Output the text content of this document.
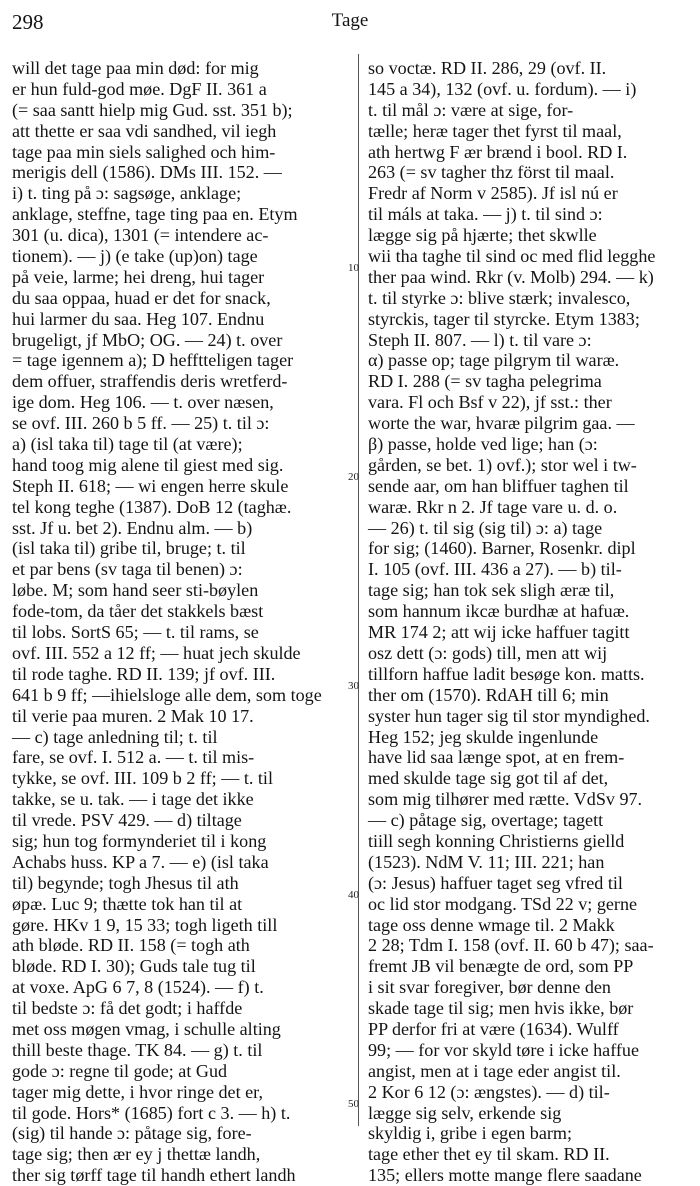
298	Tage
10
20
30
40
50
will det tage paa min død: for mig
er hun fuld-god møe. DgF II. 361 a
(= saa santt hielp mig Gud. sst. 351 b);
att thette er saa vdi sandhed, vil iegh
tage paa min siels salighed och him-
merigis dell (1586). DMs III. 152. —
i) t. ting på ɔ: sagsøge, anklage;
anklage, steffne, tage ting paa en. Etym
301 (u. dica), 1301 (= intendere ac-
tionem). — j) (e take (up)on) tage
på veie, larme; hei dreng, hui tager
du saa oppaa, huad er det for snack,
hui larmer du saa. Heg 107. Endnu
brugeligt, jf MbO; OG. — 24) t. over
= tage igennem a); D hefftteligen tager
dem offuer, straffendis deris wretferd-
ige dom. Heg 106. — t. over næsen,
se ovf. III. 260 b 5 ff. — 25) t. til ɔ:
a) (isl taka til) tage til (at være);
hand toog mig alene til giest med sig.
Steph II. 618; — wi engen herre skule
tel kong teghe (1387). DoB 12 (taghæ.
sst. Jf u. bet 2). Endnu alm. — b)
(isl taka til) gribe til, bruge; t. til
et par bens (sv taga til benen) ɔ:
løbe. M; som hand seer sti-bøylen
fode-tom, da tåer det stakkels bæst
til lobs. SortS 65; — t. til rams, se
ovf. III. 552 a 12 ff; — huat jech skulde
til rode taghe. RD II. 139; jf ovf. III.
641 b 9 ff; —ihielsloge alle dem, som toge
til verie paa muren. 2 Mak 10 17.
— c) tage anledning til; t. til
fare, se ovf. I. 512 a. — t. til mis-
tykke, se ovf. III. 109 b 2 ff; — t. til
takke, se u. tak. — i tage det ikke
til vrede. PSV 429. — d) tiltage
sig; hun tog formynderiet til i kong
Achabs huss. KP a 7. — e) (isl taka
til) begynde; togh Jhesus til ath
øpæ. Luc 9; thætte tok han til at
gøre. HKv 1 9, 15 33; togh ligeth till
ath bløde. RD II. 158 (= togh ath
bløde. RD I. 30); Guds tale tug til
at voxe. ApG 6 7, 8 (1524). — f) t.
til bedste ɔ: få det godt; i haffde
met oss møgen vmag, i schulle alting
thill beste thage. TK 84. — g) t. til
gode ɔ: regne til gode; at Gud
tager mig dette, i hvor ringe det er,
til gode. Hors* (1685) fort c 3. — h) t.
(sig) til hande ɔ: påtage sig, fore-
tage sig; then ær ey j thettæ landh,
ther sig tørff tage til handh ethert landh
so voctæ. RD II. 286, 29 (ovf. II.
145 a 34), 132 (ovf. u. fordum). — i)
t. til mål ɔ: være at sige, for-
tælle; heræ tager thet fyrst til maal,
ath hertwg F ær brænd i bool. RD I.
263 (= sv tagher thz först til maal.
Fredr af Norm v 2585). Jf isl nú er
til máls at taka. — j) t. til sind ɔ:
lægge sig på hjærte; thet skwlle
wii tha taghe til sind oc med flid legghe
ther paa wind. Rkr (v. Molb) 294. — k)
t. til styrke ɔ: blive stærk; invalesco,
styrckis, tager til styrcke. Etym 1383;
Steph II. 807. — l) t. til vare ɔ:
α) passe op; tage pilgrym til waræ.
RD I. 288 (= sv tagha pelegrima
vara. Fl och Bsf v 22), jf sst.: ther
worte the war, hvaræ pilgrim gaa. —
β) passe, holde ved lige; han (ɔ:
gården, se bet. 1) ovf.); stor wel i tw-
sende aar, om han bliffuer taghen til
waræ. Rkr n 2. Jf tage vare u. d. o.
— 26) t. til sig (sig til) ɔ: a) tage
for sig; (1460). Barner, Rosenkr. dipl
I. 105 (ovf. III. 436 a 27). — b) til-
tage sig; han tok sek sligh æræ til,
som hannum ikcæ burdhæ at hafuæ.
MR 174 2; att wij icke haffuer tagitt
osz dett (ɔ: gods) till, men att wij
tillforn haffue ladit besøge kon. matts.
ther om (1570). RdAH till 6; min
syster hun tager sig til stor myndighed.
Heg 152; jeg skulde ingenlunde
have lid saa længe spot, at en frem-
med skulde tage sig got til af det,
som mig tilhører med rætte. VdSv 97.
— c) påtage sig, overtage; tagett
tiill segh konning Christierns gielld
(1523). NdM V. 11; III. 221; han
(ɔ: Jesus) haffuer taget seg vfred til
oc lid stor modgang. TSd 22 v; gerne
tage oss denne wmage til. 2 Makk
2 28; Tdm I. 158 (ovf. II. 60 b 47); saa-
fremt JB vil benægte de ord, som PP
i sit svar foregiver, bør denne den
skade tage til sig; men hvis ikke, bør
PP derfor fri at være (1634). Wulff
99; — for vor skyld tøre i icke haffue
angist, men at i tage eder angist til.
2 Kor 6 12 (ɔ: ængstes). — d) til-
lægge sig selv, erkende sig
skyldig i, gribe i egen barm;
tage ether thet ey til skam. RD II.
135; ellers motte mange flere saadane
